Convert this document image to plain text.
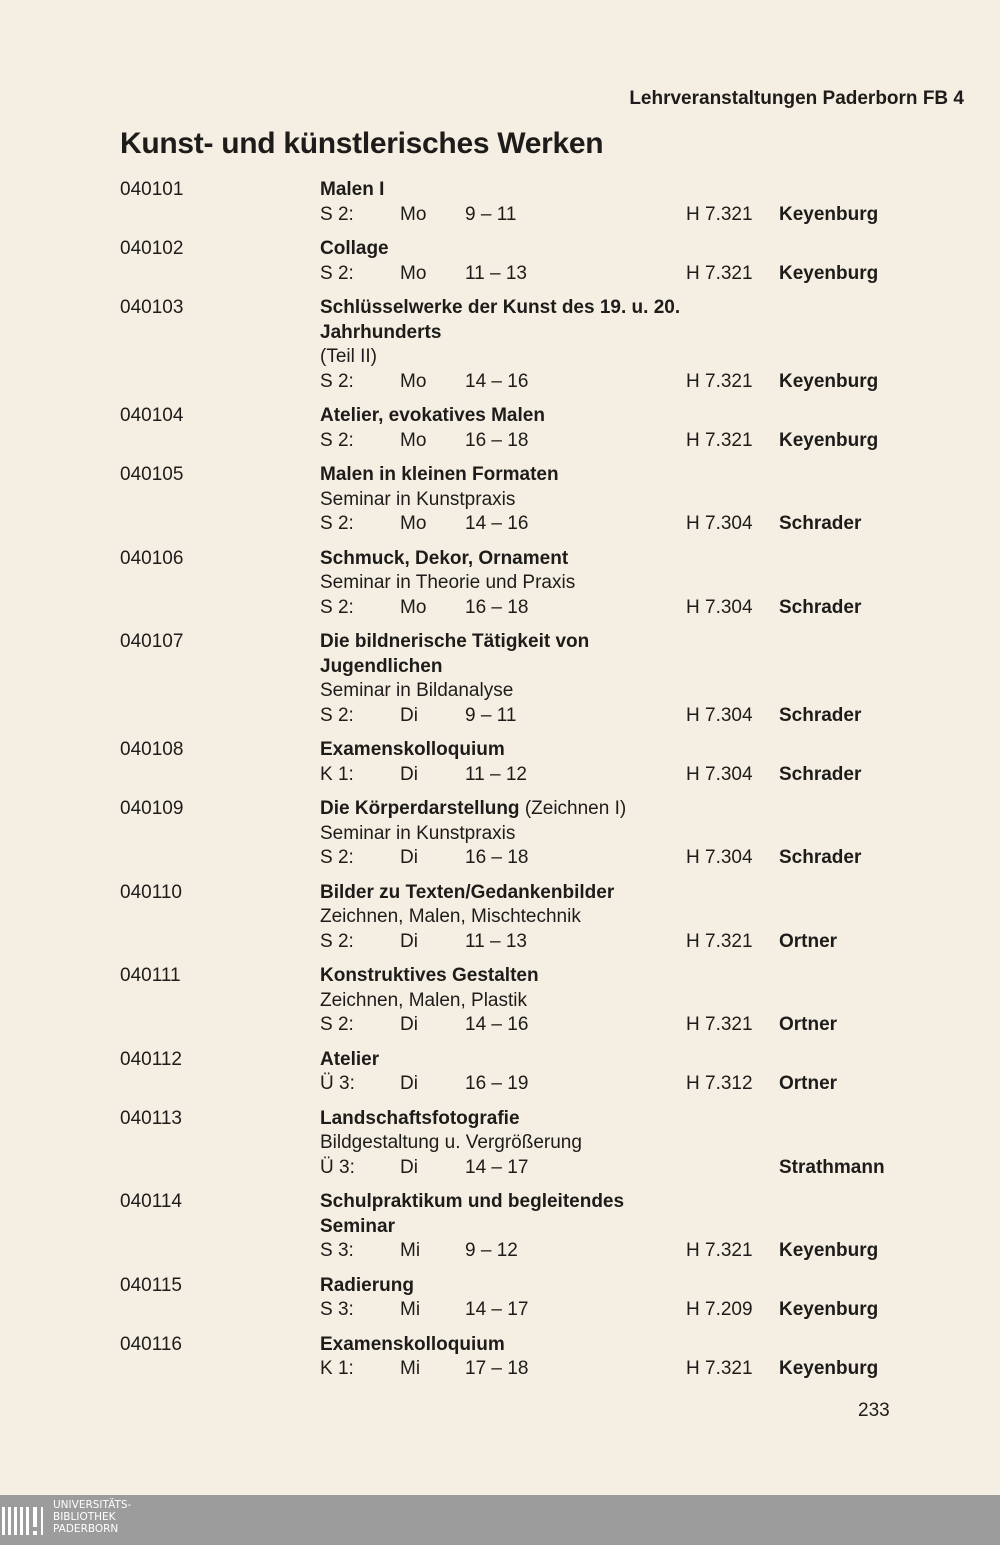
Lehrveranstaltungen Paderborn FB 4
Kunst- und künstlerisches Werken
040101	Malen I
S 2: Mo 9 – 11	H 7.321 Keyenburg
040102	Collage
S 2: Mo 11 – 13	H 7.321 Keyenburg
040103	Schlüsselwerke der Kunst des 19. u. 20. Jahrhunderts
(Teil II)
S 2: Mo 14 – 16	H 7.321 Keyenburg
040104	Atelier, evokatives Malen
S 2: Mo 16 – 18	H 7.321 Keyenburg
040105	Malen in kleinen Formaten
Seminar in Kunstpraxis
S 2: Mo 14 – 16	H 7.304 Schrader
040106	Schmuck, Dekor, Ornament
Seminar in Theorie und Praxis
S 2: Mo 16 – 18	H 7.304 Schrader
040107	Die bildnerische Tätigkeit von Jugendlichen
Seminar in Bildanalyse
S 2: Di 9 – 11	H 7.304 Schrader
040108	Examenskolloquium
K 1: Di 11 – 12	H 7.304 Schrader
040109	Die Körperdarstellung (Zeichnen I)
Seminar in Kunstpraxis
S 2: Di 16 – 18	H 7.304 Schrader
040110	Bilder zu Texten/Gedankenbilder
Zeichnen, Malen, Mischtechnik
S 2: Di 11 – 13	H 7.321 Ortner
040111	Konstruktives Gestalten
Zeichnen, Malen, Plastik
S 2: Di 14 – 16	H 7.321 Ortner
040112	Atelier
Ü 3: Di 16 – 19	H 7.312 Ortner
040113	Landschaftsfotografie
Bildgestaltung u. Vergrößerung
Ü 3: Di 14 – 17	Strathmann
040114	Schulpraktikum und begleitendes Seminar
S 3: Mi 9 – 12	H 7.321 Keyenburg
040115	Radierung
S 3: Mi 14 – 17	H 7.209 Keyenburg
040116	Examenskolloquium
K 1: Mi 17 – 18	H 7.321 Keyenburg
233
UNIVERSITÄTS-
BIBLIOTHEK
PADERBORN
